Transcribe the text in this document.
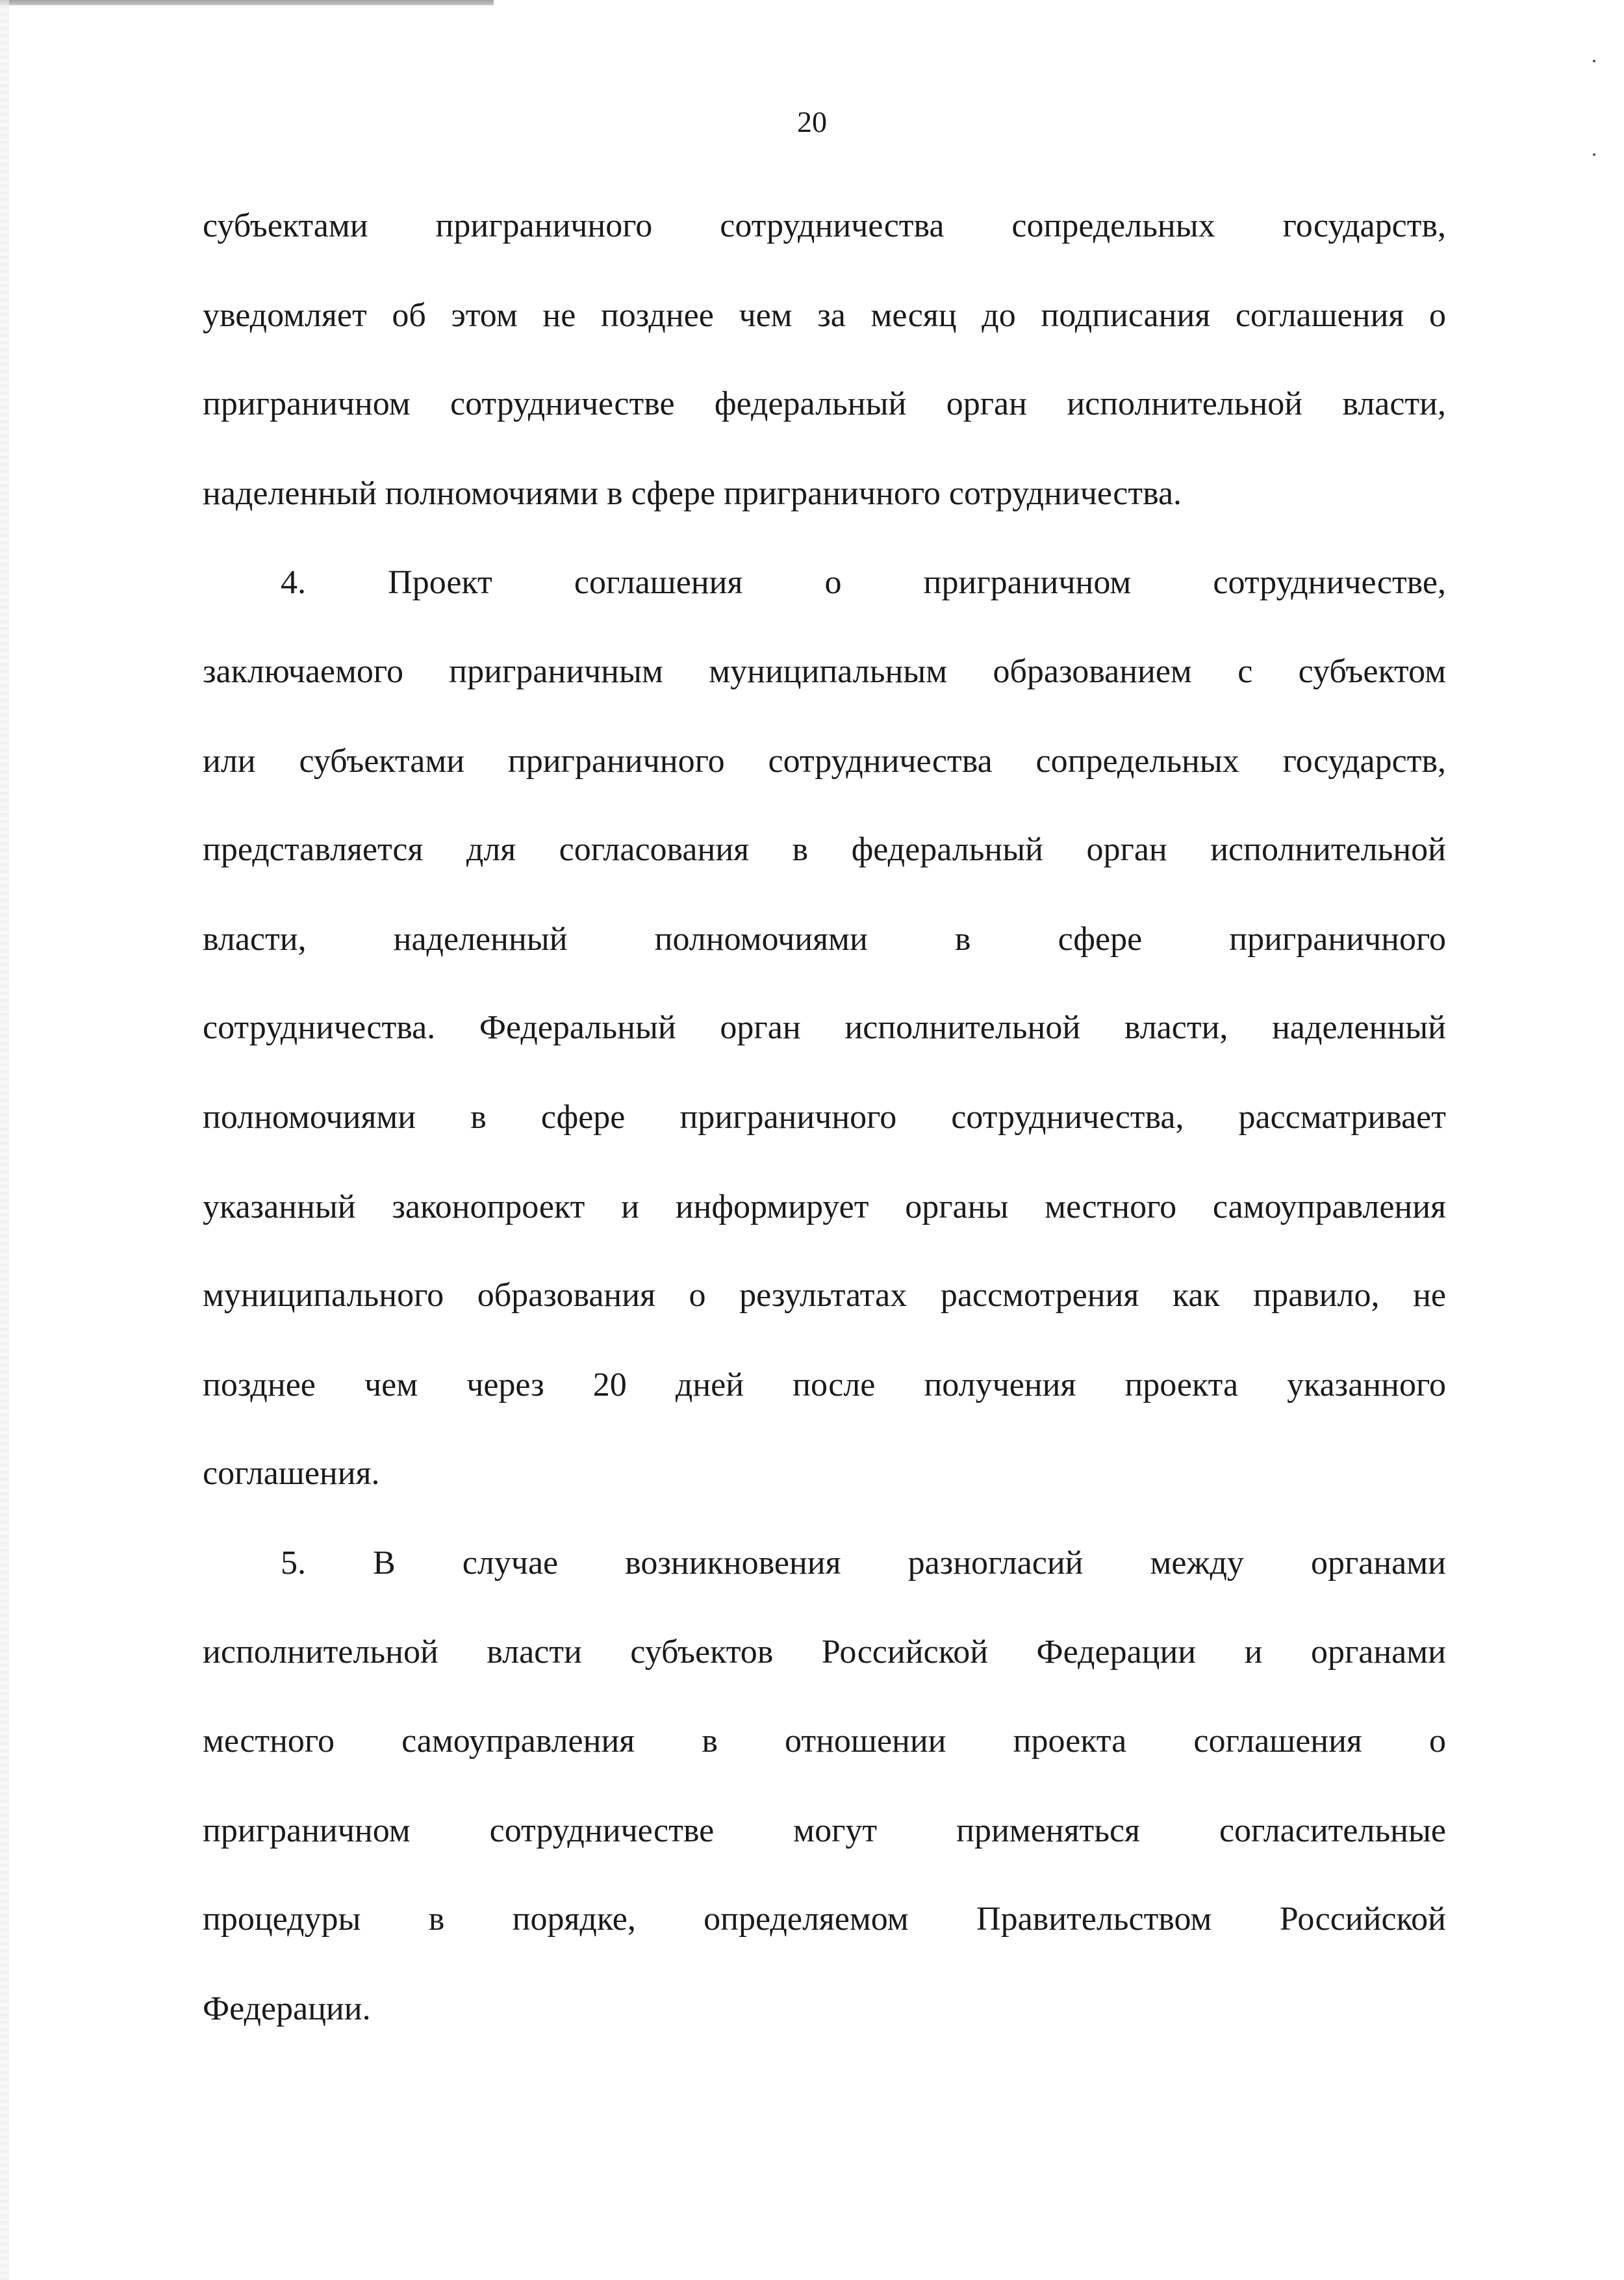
20
субъектами приграничного сотрудничества сопредельных государств,
уведомляет об этом не позднее чем за месяц до подписания соглашения о
приграничном сотрудничестве федеральный орган исполнительной власти,
наделенный полномочиями в сфере приграничного сотрудничества.
4. Проект соглашения о приграничном сотрудничестве,
заключаемого приграничным муниципальным образованием с субъектом
или субъектами приграничного сотрудничества сопредельных государств,
представляется для согласования в федеральный орган исполнительной
власти, наделенный полномочиями в сфере приграничного
сотрудничества. Федеральный орган исполнительной власти, наделенный
полномочиями в сфере приграничного сотрудничества, рассматривает
указанный законопроект и информирует органы местного самоуправления
муниципального образования о результатах рассмотрения как правило, не
позднее чем через 20 дней после получения проекта указанного
соглашения.
5. В случае возникновения разногласий между органами
исполнительной власти субъектов Российской Федерации и органами
местного самоуправления в отношении проекта соглашения о
приграничном сотрудничестве могут применяться согласительные
процедуры в порядке, определяемом Правительством Российской
Федерации.
